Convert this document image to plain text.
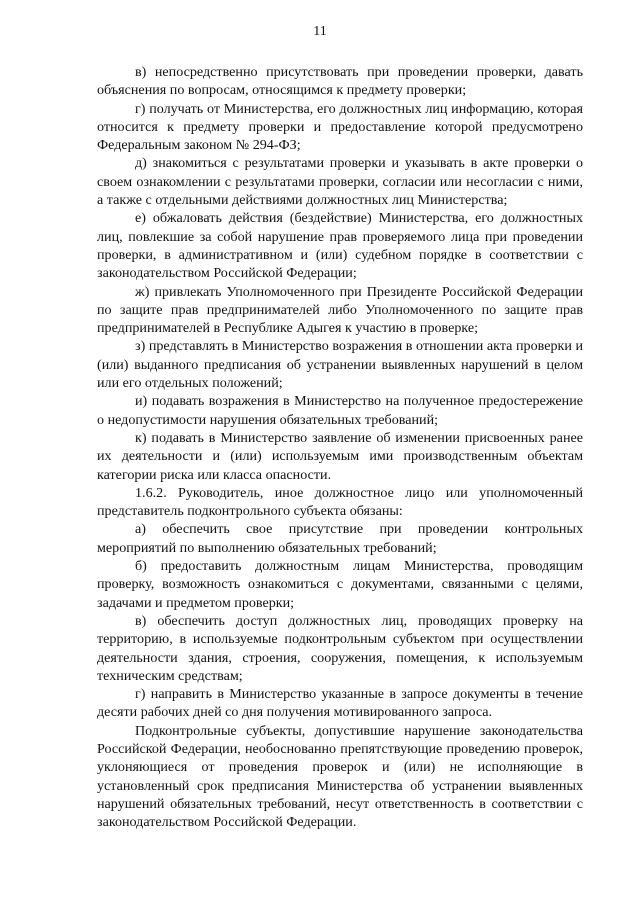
11

в) непосредственно присутствовать при проведении проверки, давать объяснения по вопросам, относящимся к предмету проверки;

г) получать от Министерства, его должностных лиц информацию, которая относится к предмету проверки и предоставление которой предусмотрено Федеральным законом № 294-ФЗ;

д) знакомиться с результатами проверки и указывать в акте проверки о своем ознакомлении с результатами проверки, согласии или несогласии с ними, а также с отдельными действиями должностных лиц Министерства;

е) обжаловать действия (бездействие) Министерства, его должностных лиц, повлекшие за собой нарушение прав проверяемого лица при проведении проверки, в административном и (или) судебном порядке в соответствии с законодательством Российской Федерации;

ж) привлекать Уполномоченного при Президенте Российской Федерации по защите прав предпринимателей либо Уполномоченного по защите прав предпринимателей в Республике Адыгея к участию в проверке;

з) представлять в Министерство возражения в отношении акта проверки и (или) выданного предписания об устранении выявленных нарушений в целом или его отдельных положений;

и) подавать возражения в Министерство на полученное предостережение о недопустимости нарушения обязательных требований;

к) подавать в Министерство заявление об изменении присвоенных ранее их деятельности и (или) используемым ими производственным объектам категории риска или класса опасности.

1.6.2. Руководитель, иное должностное лицо или уполномоченный представитель подконтрольного субъекта обязаны:

а) обеспечить свое присутствие при проведении контрольных мероприятий по выполнению обязательных требований;

б) предоставить должностным лицам Министерства, проводящим проверку, возможность ознакомиться с документами, связанными с целями, задачами и предметом проверки;

в) обеспечить доступ должностных лиц, проводящих проверку на территорию, в используемые подконтрольным субъектом при осуществлении деятельности здания, строения, сооружения, помещения, к используемым техническим средствам;

г) направить в Министерство указанные в запросе документы в течение десяти рабочих дней со дня получения мотивированного запроса.

Подконтрольные субъекты, допустившие нарушение законодательства Российской Федерации, необоснованно препятствующие проведению проверок, уклоняющиеся от проведения проверок и (или) не исполняющие в установленный срок предписания Министерства об устранении выявленных нарушений обязательных требований, несут ответственность в соответствии с законодательством Российской Федерации.
